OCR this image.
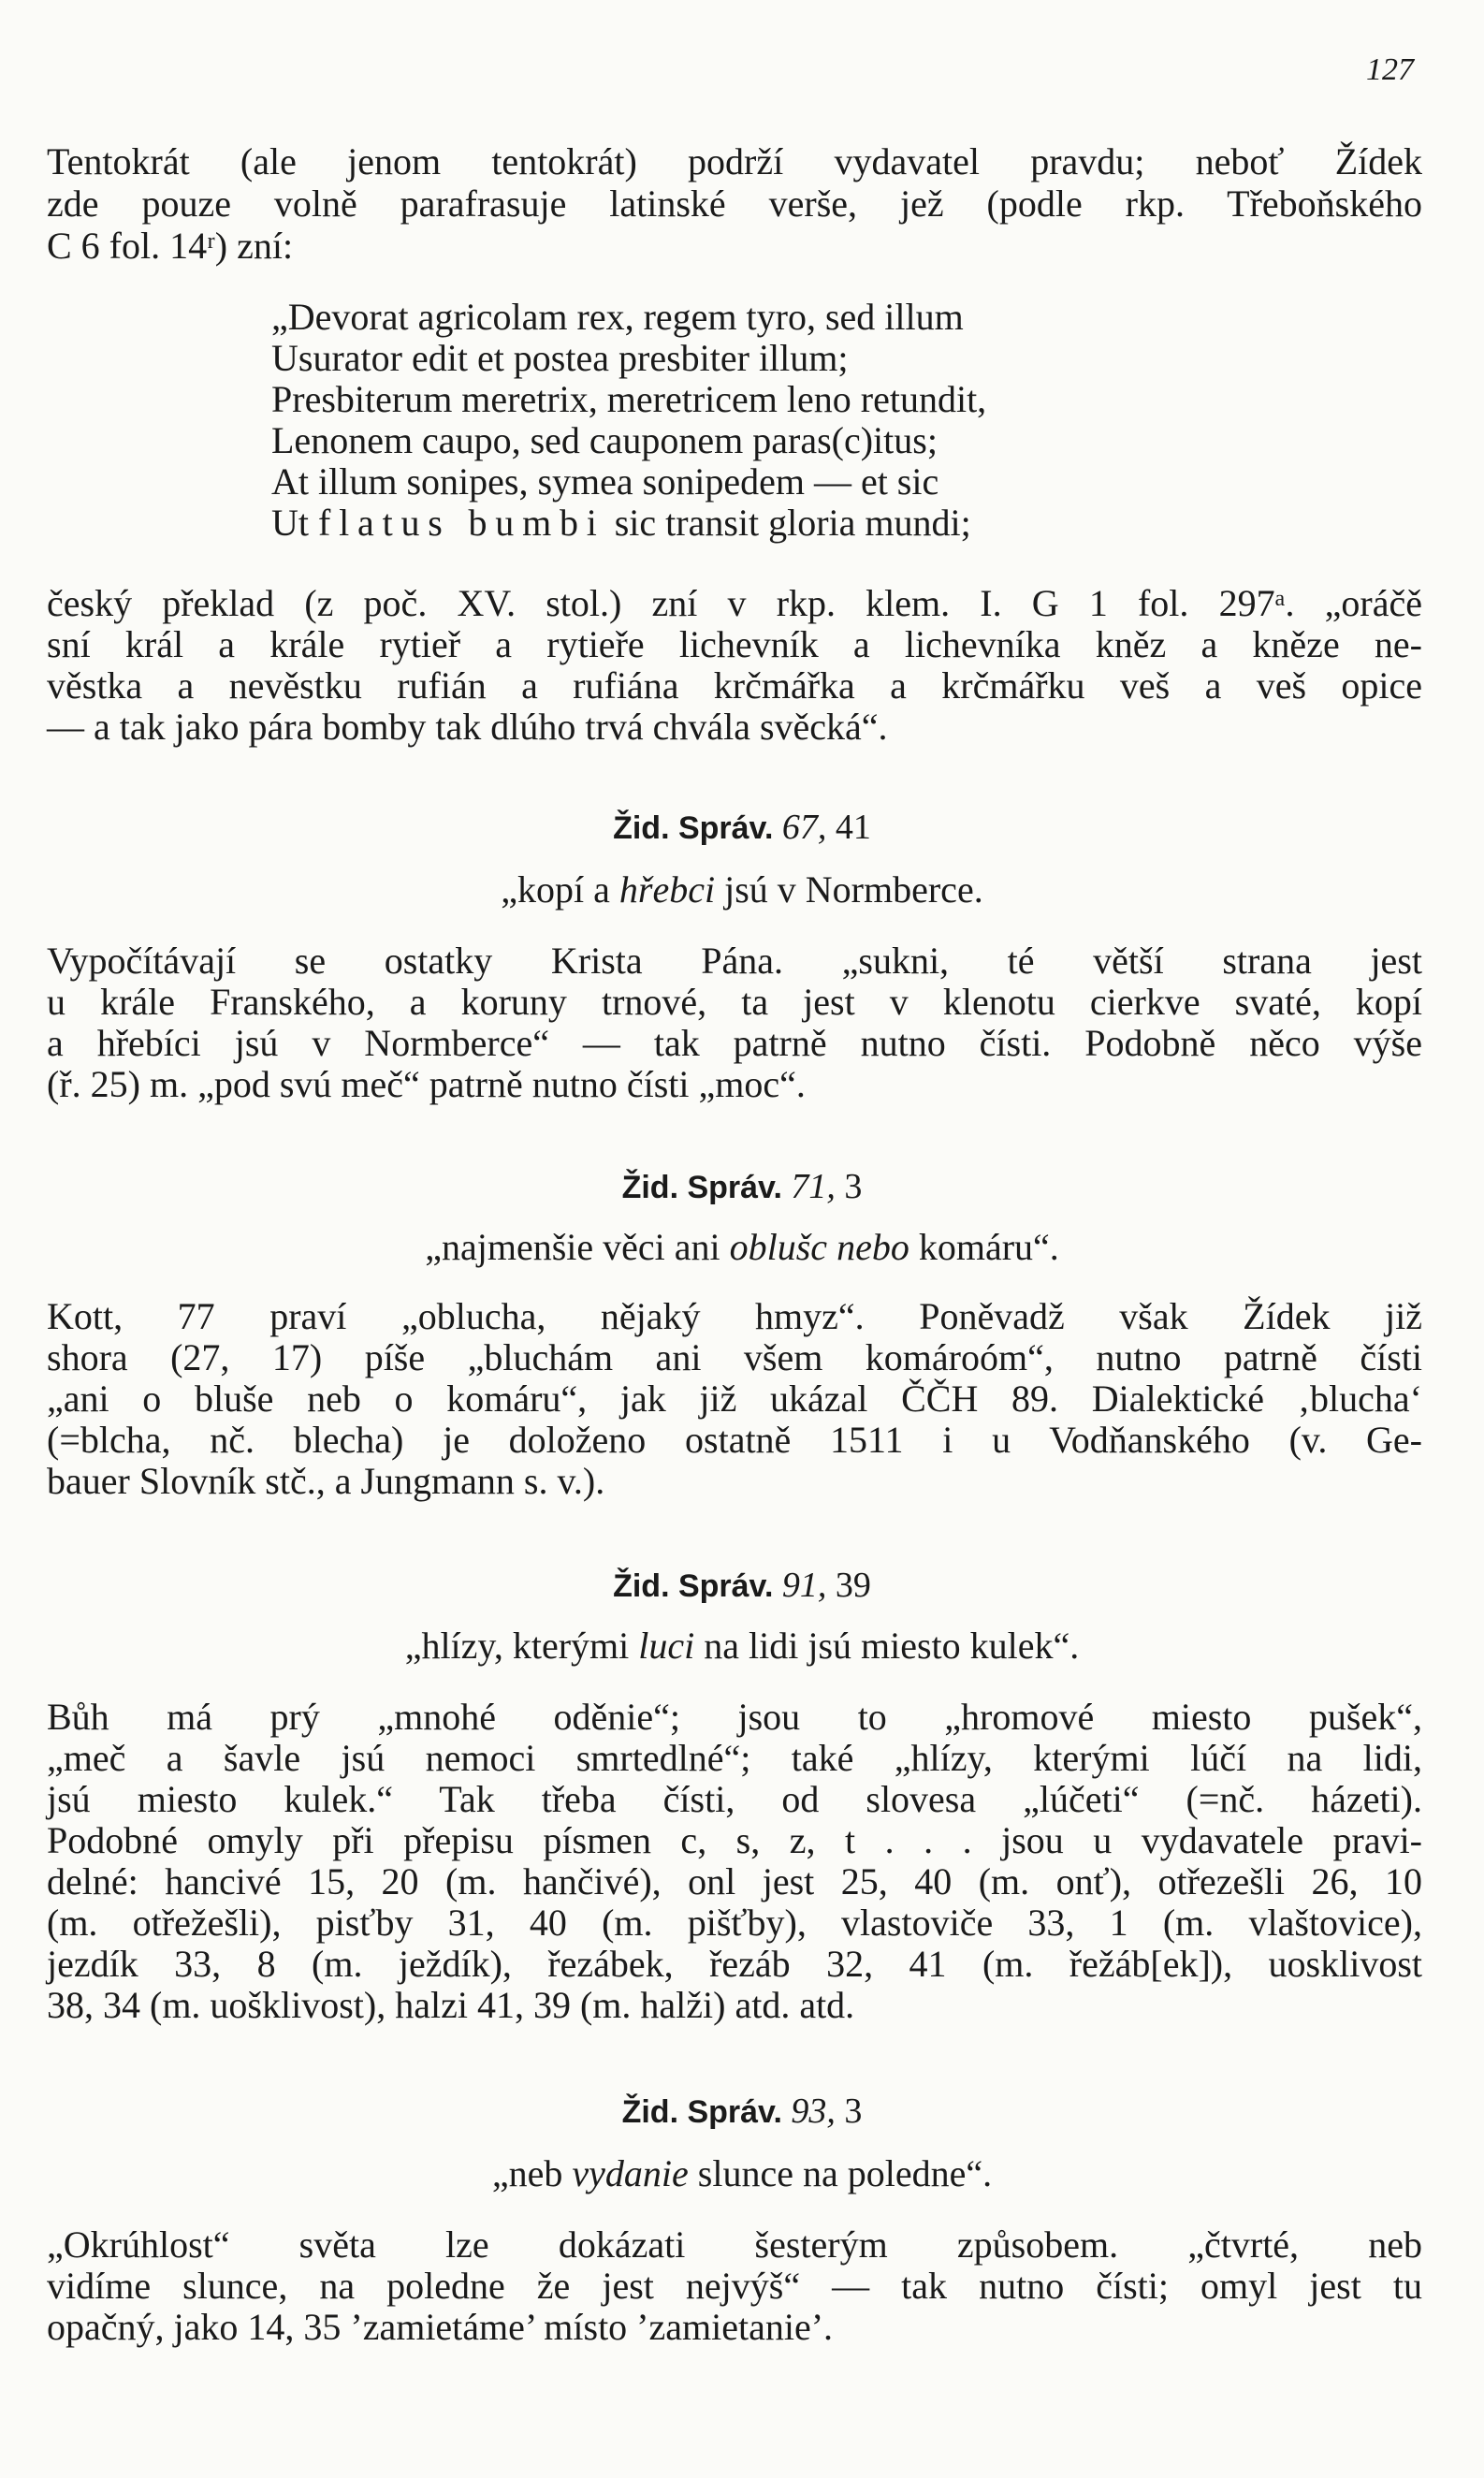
127
Tentokrát (ale jenom tentokrát) podrží vydavatel pravdu; neboť Žídek
zde pouze volně parafrasuje latinské verše, jež (podle rkp. Třeboňského
C 6 fol. 14ʳ) zní:
„Devorat agricolam rex, regem tyro, sed illum
Usurator edit et postea presbiter illum;
Presbiterum meretrix, meretricem leno retundit,
Lenonem caupo, sed cauponem paras(c)itus;
At illum sonipes, symea sonipedem — et sic
Ut flatus bumbi sic transit gloria mundi;
český překlad (z poč. XV. stol.) zní v rkp. klem. I. G 1 fol. 297ᵃ. „oráčě
sní král a krále rytieř a rytieře lichevník a lichevníka kněz a kněze ne-
věstka a nevěstku rufián a rufiána krčmářka a krčmářku veš a veš opice
— a tak jako pára bomby tak dlúho trvá chvála svěcká“.
Žid. Správ. 67, 41
„kopí a hřebci jsú v Normberce.
Vypočítávají se ostatky Krista Pána. „sukni, té větší strana jest
u krále Franského, a koruny trnové, ta jest v klenotu cierkve svaté, kopí
a hřebíci jsú v Normberce“ — tak patrně nutno čísti. Podobně něco výše
(ř. 25) m. „pod svú meč“ patrně nutno čísti „moc“.
Žid. Správ. 71, 3
„najmenšie věci ani oblušc nebo komáru“.
Kott, 77 praví „oblucha, nějaký hmyz“. Poněvadž však Žídek již
shora (27, 17) píše „bluchám ani všem komároóm“, nutno patrně čísti
„ani o bluše neb o komáru“, jak již ukázal ČČH 89. Dialektické ‚blucha‘
(=blcha, nč. blecha) je doloženo ostatně 1511 i u Vodňanského (v. Ge-
bauer Slovník stč., a Jungmann s. v.).
Žid. Správ. 91, 39
„hlízy, kterými luci na lidi jsú miesto kulek“.
Bůh má prý „mnohé oděnie“; jsou to „hromové miesto pušek“,
„meč a šavle jsú nemoci smrtedlné“; také „hlízy, kterými lúčí na lidi,
jsú miesto kulek.“ Tak třeba čísti, od slovesa „lúčeti“ (=nč. házeti).
Podobné omyly při přepisu písmen c, s, z, t . . . jsou u vydavatele pravi-
delné: hancivé 15, 20 (m. hančivé), onl jest 25, 40 (m. onť), otřezešli 26, 10
(m. otřežešli), pisťby 31, 40 (m. pišťby), vlastoviče 33, 1 (m. vlaštovice),
jezdík 33, 8 (m. ježdík), řezábek, řezáb 32, 41 (m. řežáb[ek]), uosklivost
38, 34 (m. uošklivost), halzi 41, 39 (m. halži) atd. atd.
Žid. Správ. 93, 3
„neb vydanie slunce na poledne“.
„Okrúhlost“ světa lze dokázati šesterým způsobem. „čtvrté, neb
vidíme slunce, na poledne že jest nejvýš“ — tak nutno čísti; omyl jest tu
opačný, jako 14, 35 ’zamietáme’ místo ’zamietanie’.
